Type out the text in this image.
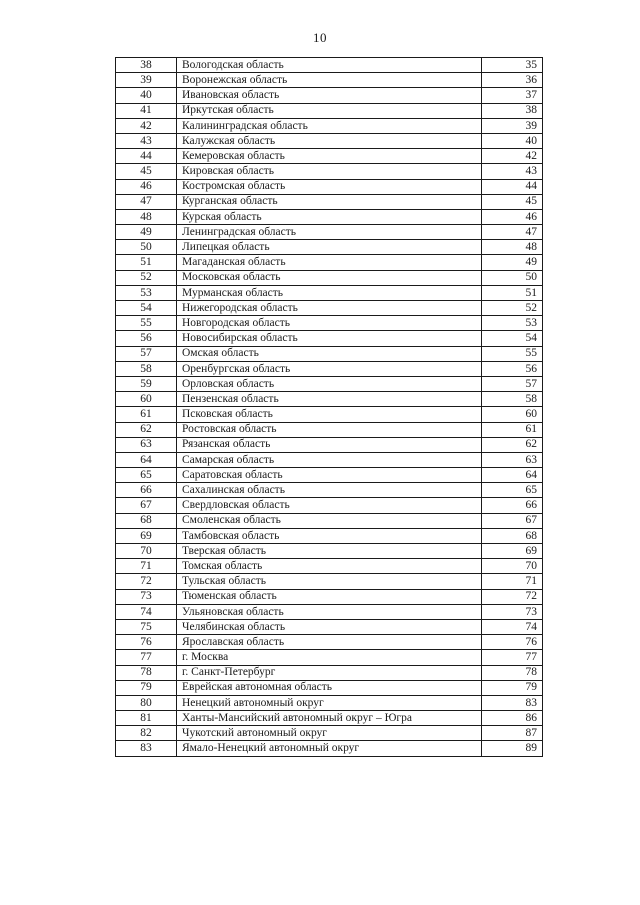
10
38	Вологодская область	35
39	Воронежская область	36
40	Ивановская область	37
41	Иркутская область	38
42	Калининградская область	39
43	Калужская область	40
44	Кемеровская область	42
45	Кировская область	43
46	Костромская область	44
47	Курганская область	45
48	Курская область	46
49	Ленинградская область	47
50	Липецкая область	48
51	Магаданская область	49
52	Московская область	50
53	Мурманская область	51
54	Нижегородская область	52
55	Новгородская область	53
56	Новосибирская область	54
57	Омская область	55
58	Оренбургская область	56
59	Орловская область	57
60	Пензенская область	58
61	Псковская область	60
62	Ростовская область	61
63	Рязанская область	62
64	Самарская область	63
65	Саратовская область	64
66	Сахалинская область	65
67	Свердловская область	66
68	Смоленская область	67
69	Тамбовская область	68
70	Тверская область	69
71	Томская область	70
72	Тульская область	71
73	Тюменская область	72
74	Ульяновская область	73
75	Челябинская область	74
76	Ярославская область	76
77	г. Москва	77
78	г. Санкт-Петербург	78
79	Еврейская автономная область	79
80	Ненецкий автономный округ	83
81	Ханты-Мансийский автономный округ – Югра	86
82	Чукотский автономный округ	87
83	Ямало-Ненецкий автономный округ	89
